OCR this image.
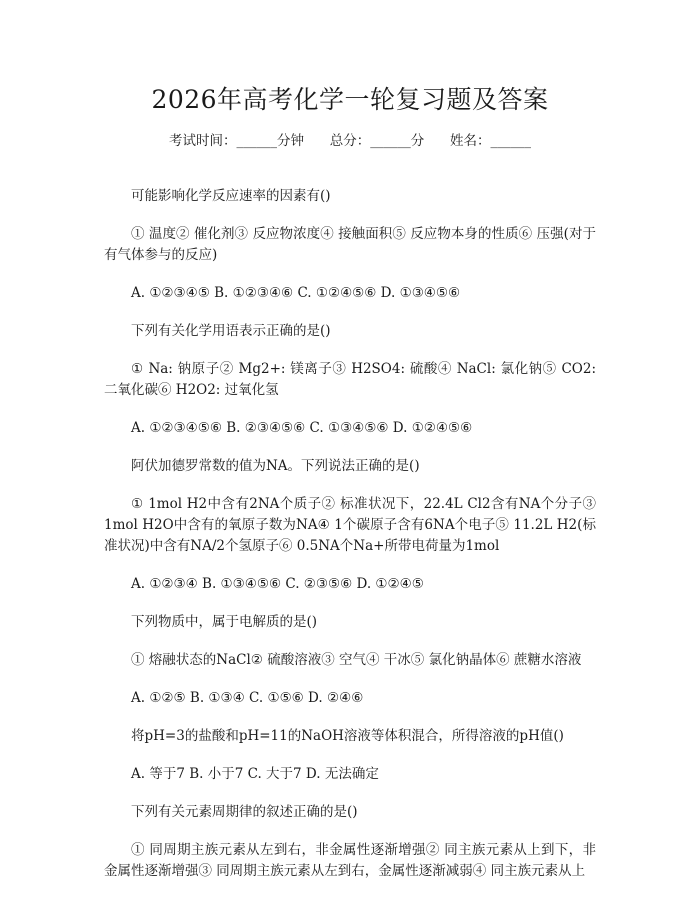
2026年高考化学一轮复习题及答案
考试时间：______分钟 总分：______分 姓名：______

可能影响化学反应速率的因素有()

① 温度② 催化剂③ 反应物浓度④ 接触面积⑤ 反应物本身的性质⑥ 压强(对于有气体参与的反应)

A. ①②③④⑤ B. ①②③④⑥ C. ①②④⑤⑥ D. ①③④⑤⑥

下列有关化学用语表示正确的是()

① Na: 钠原子② Mg2+: 镁离子③ H2SO4: 硫酸④ NaCl: 氯化钠⑤ CO2: 二氧化碳⑥ H2O2: 过氧化氢

A. ①②③④⑤⑥ B. ②③④⑤⑥ C. ①③④⑤⑥ D. ①②④⑤⑥

阿伏加德罗常数的值为NA。下列说法正确的是()

① 1mol H2中含有2NA个质子② 标准状况下，22.4L Cl2含有NA个分子③ 1mol H2O中含有的氧原子数为NA④ 1个碳原子含有6NA个电子⑤ 11.2L H2(标准状况)中含有NA/2个氢原子⑥ 0.5NA个Na+所带电荷量为1mol

A. ①②③④ B. ①③④⑤⑥ C. ②③⑤⑥ D. ①②④⑤

下列物质中，属于电解质的是()

① 熔融状态的NaCl② 硫酸溶液③ 空气④ 干冰⑤ 氯化钠晶体⑥ 蔗糖水溶液

A. ①②⑤ B. ①③④ C. ①⑤⑥ D. ②④⑥

将pH=3的盐酸和pH=11的NaOH溶液等体积混合，所得溶液的pH值()

A. 等于7 B. 小于7 C. 大于7 D. 无法确定

下列有关元素周期律的叙述正确的是()

① 同周期主族元素从左到右，非金属性逐渐增强② 同主族元素从上到下，非金属性逐渐增强③ 同周期主族元素从左到右，金属性逐渐减弱④ 同主族元素从上
